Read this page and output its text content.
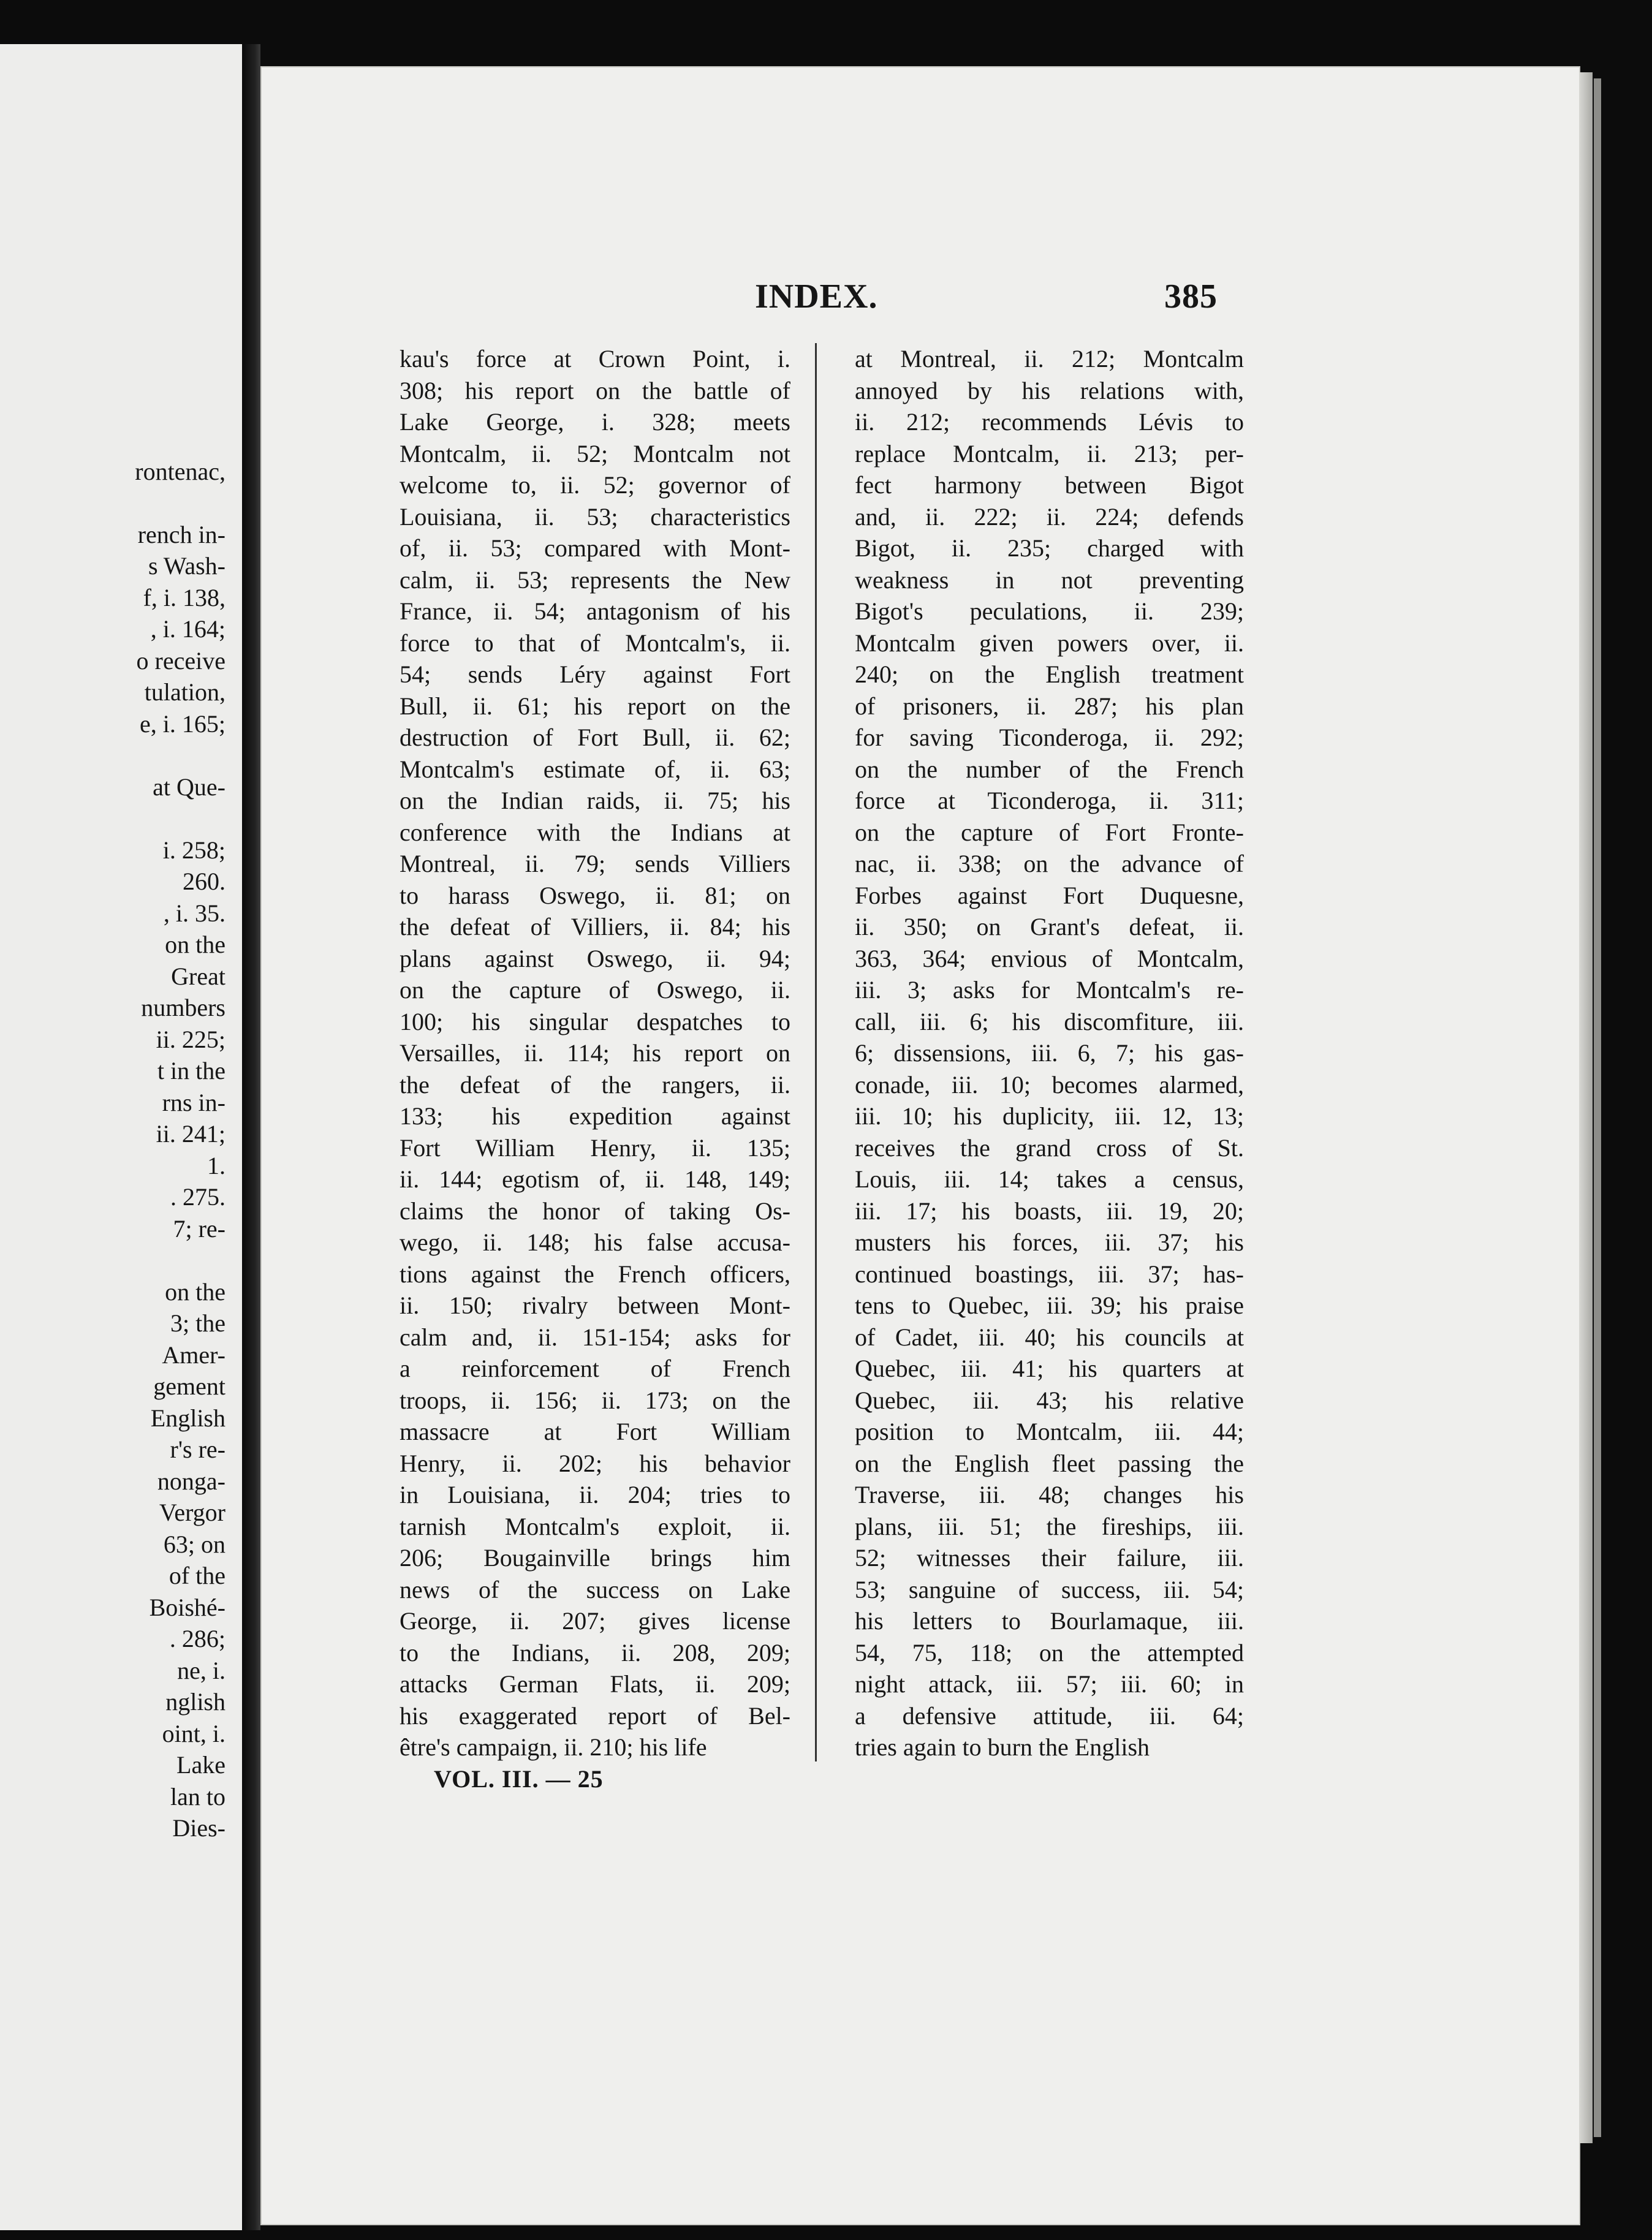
rontenac,
rench in-
s Wash-
f, i. 138,
, i. 164;
o receive
tulation,
e, i. 165;
at Que-
i. 258;
260.
, i. 35.
on the
Great
numbers
ii. 225;
t in the
rns in-
ii. 241;
1.
. 275.
7; re-
on the
3; the
Amer-
gement
English
r's re-
nonga-
Vergor
63; on
of the
Boishé-
. 286;
ne, i.
nglish
oint, i.
Lake
lan to
Dies-
INDEX.	385
kau's force at Crown Point, i.
308; his report on the battle of
Lake George, i. 328; meets
Montcalm, ii. 52; Montcalm not
welcome to, ii. 52; governor of
Louisiana, ii. 53; characteristics
of, ii. 53; compared with Mont-
calm, ii. 53; represents the New
France, ii. 54; antagonism of his
force to that of Montcalm's, ii.
54; sends Léry against Fort
Bull, ii. 61; his report on the
destruction of Fort Bull, ii. 62;
Montcalm's estimate of, ii. 63;
on the Indian raids, ii. 75; his
conference with the Indians at
Montreal, ii. 79; sends Villiers
to harass Oswego, ii. 81; on
the defeat of Villiers, ii. 84; his
plans against Oswego, ii. 94;
on the capture of Oswego, ii.
100; his singular despatches to
Versailles, ii. 114; his report on
the defeat of the rangers, ii.
133; his expedition against
Fort William Henry, ii. 135;
ii. 144; egotism of, ii. 148, 149;
claims the honor of taking Os-
wego, ii. 148; his false accusa-
tions against the French officers,
ii. 150; rivalry between Mont-
calm and, ii. 151-154; asks for
a reinforcement of French
troops, ii. 156; ii. 173; on the
massacre at Fort William
Henry, ii. 202; his behavior
in Louisiana, ii. 204; tries to
tarnish Montcalm's exploit, ii.
206; Bougainville brings him
news of the success on Lake
George, ii. 207; gives license
to the Indians, ii. 208, 209;
attacks German Flats, ii. 209;
his exaggerated report of Bel-
être's campaign, ii. 210; his life
at Montreal, ii. 212; Montcalm
annoyed by his relations with,
ii. 212; recommends Lévis to
replace Montcalm, ii. 213; per-
fect harmony between Bigot
and, ii. 222; ii. 224; defends
Bigot, ii. 235; charged with
weakness in not preventing
Bigot's peculations, ii. 239;
Montcalm given powers over, ii.
240; on the English treatment
of prisoners, ii. 287; his plan
for saving Ticonderoga, ii. 292;
on the number of the French
force at Ticonderoga, ii. 311;
on the capture of Fort Fronte-
nac, ii. 338; on the advance of
Forbes against Fort Duquesne,
ii. 350; on Grant's defeat, ii.
363, 364; envious of Montcalm,
iii. 3; asks for Montcalm's re-
call, iii. 6; his discomfiture, iii.
6; dissensions, iii. 6, 7; his gas-
conade, iii. 10; becomes alarmed,
iii. 10; his duplicity, iii. 12, 13;
receives the grand cross of St.
Louis, iii. 14; takes a census,
iii. 17; his boasts, iii. 19, 20;
musters his forces, iii. 37; his
continued boastings, iii. 37; has-
tens to Quebec, iii. 39; his praise
of Cadet, iii. 40; his councils at
Quebec, iii. 41; his quarters at
Quebec, iii. 43; his relative
position to Montcalm, iii. 44;
on the English fleet passing the
Traverse, iii. 48; changes his
plans, iii. 51; the fireships, iii.
52; witnesses their failure, iii.
53; sanguine of success, iii. 54;
his letters to Bourlamaque, iii.
54, 75, 118; on the attempted
night attack, iii. 57; iii. 60; in
a defensive attitude, iii. 64;
tries again to burn the English
VOL. III. — 25
